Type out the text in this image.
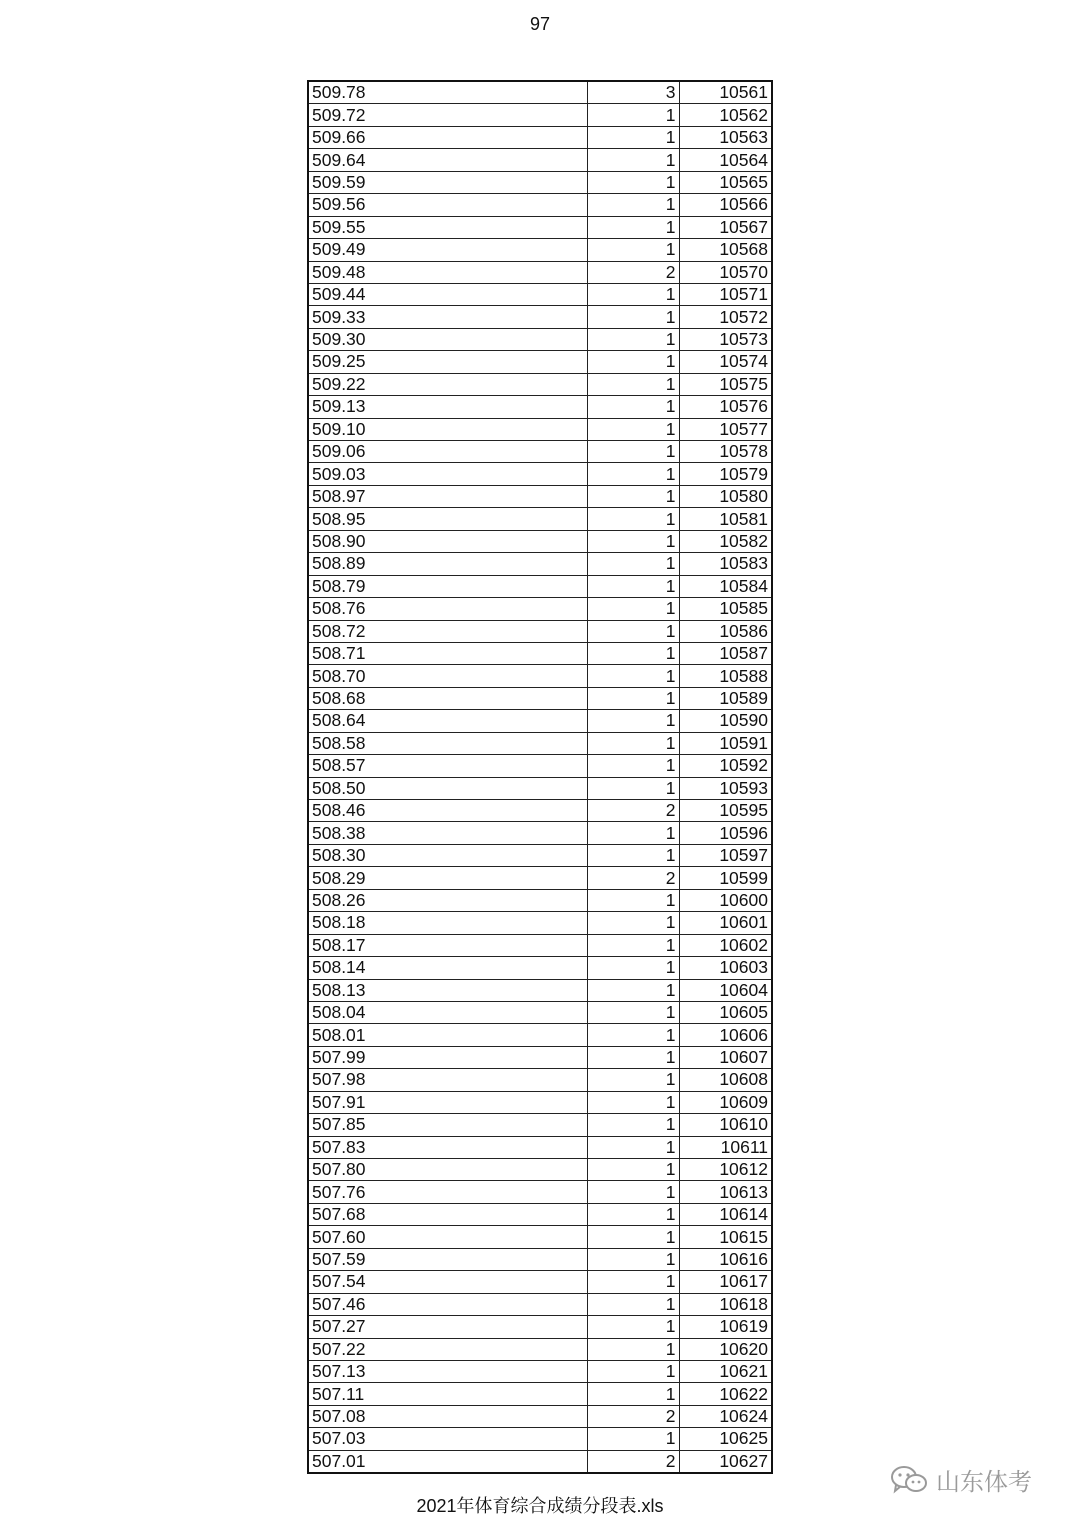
97
509.78	3	10561
509.72	1	10562
509.66	1	10563
509.64	1	10564
509.59	1	10565
509.56	1	10566
509.55	1	10567
509.49	1	10568
509.48	2	10570
509.44	1	10571
509.33	1	10572
509.30	1	10573
509.25	1	10574
509.22	1	10575
509.13	1	10576
509.10	1	10577
509.06	1	10578
509.03	1	10579
508.97	1	10580
508.95	1	10581
508.90	1	10582
508.89	1	10583
508.79	1	10584
508.76	1	10585
508.72	1	10586
508.71	1	10587
508.70	1	10588
508.68	1	10589
508.64	1	10590
508.58	1	10591
508.57	1	10592
508.50	1	10593
508.46	2	10595
508.38	1	10596
508.30	1	10597
508.29	2	10599
508.26	1	10600
508.18	1	10601
508.17	1	10602
508.14	1	10603
508.13	1	10604
508.04	1	10605
508.01	1	10606
507.99	1	10607
507.98	1	10608
507.91	1	10609
507.85	1	10610
507.83	1	10611
507.80	1	10612
507.76	1	10613
507.68	1	10614
507.60	1	10615
507.59	1	10616
507.54	1	10617
507.46	1	10618
507.27	1	10619
507.22	1	10620
507.13	1	10621
507.11	1	10622
507.08	2	10624
507.03	1	10625
507.01	2	10627
2021年体育综合成绩分段表.xls
山东体考
